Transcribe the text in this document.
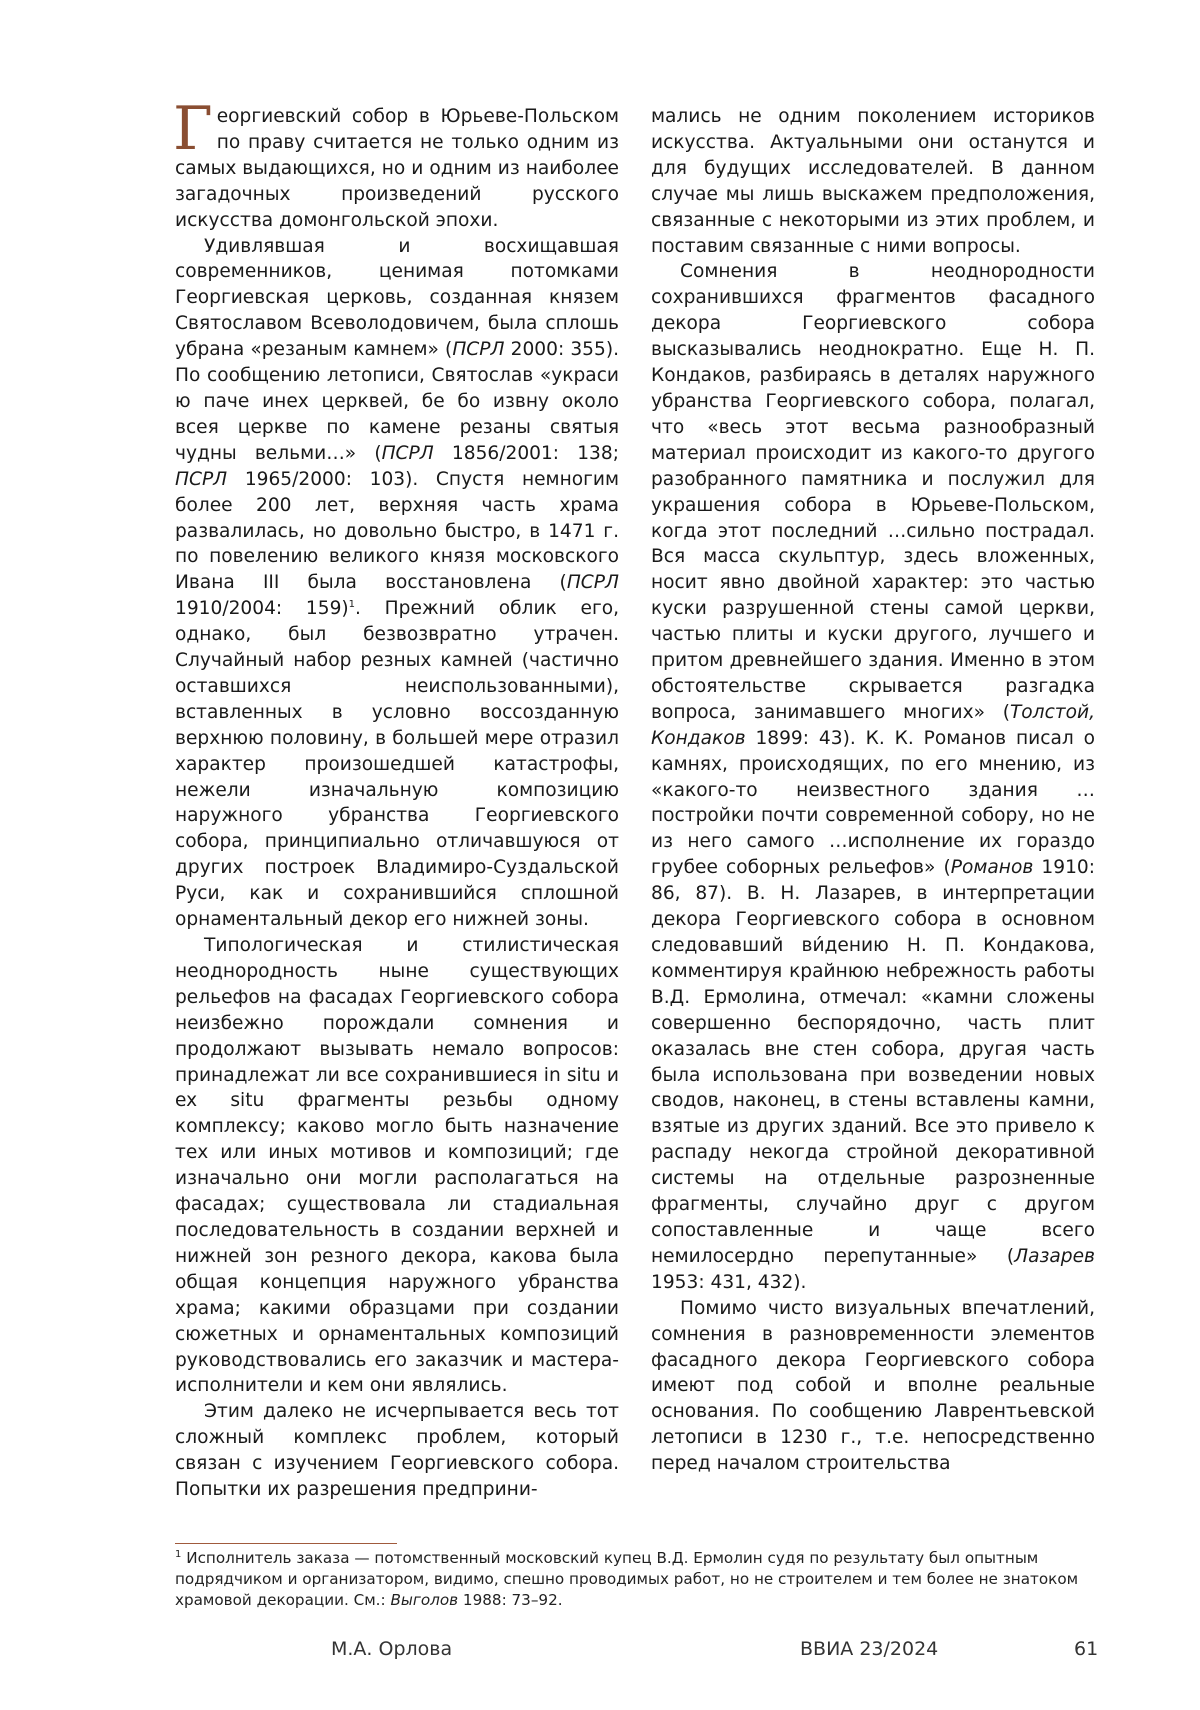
Георгиевский собор в Юрьеве-Польском по праву считается не только одним из самых выдающихся, но и одним из наиболее загадочных произведений русского искусства домонгольской эпохи.

Удивлявшая и восхищавшая современников, ценимая потомками Георгиевская церковь, созданная князем Святославом Всеволодовичем, была сплошь убрана «резаным камнем» (ПСРЛ 2000: 355). По сообщению летописи, Святослав «украси ю паче инех церквей, бе бо извну около всея церкве по камене резаны святыя чудны вельми…» (ПСРЛ 1856/2001: 138; ПСРЛ 1965/2000: 103). Спустя немногим более 200 лет, верхняя часть храма развалилась, но довольно быстро, в 1471 г. по повелению великого князя московского Ивана III была восстановлена (ПСРЛ 1910/2004: 159)$^1$. Прежний облик его, однако, был безвозвратно утрачен. Случайный набор резных камней (частично оставшихся неиспользованными), вставленных в условно воссозданную верхнюю половину, в большей мере отразил характер произошедшей катастрофы, нежели изначальную композицию наружного убранства Георгиевского собора, принципиально отличавшуюся от других построек Владимиро-Суздальской Руси, как и сохранившийся сплошной орнаментальный декор его нижней зоны.

Типологическая и стилистическая неоднородность ныне существующих рельефов на фасадах Георгиевского собора неизбежно порождали сомнения и продолжают вызывать немало вопросов: принадлежат ли все сохранившиеся in situ и ex situ фрагменты резьбы одному комплексу; каково могло быть назначение тех или иных мотивов и композиций; где изначально они могли располагаться на фасадах; существовала ли стадиальная последовательность в создании верхней и нижней зон резного декора, какова была общая концепция наружного убранства храма; какими образцами при создании сюжетных и орнаментальных композиций руководствовались его заказчик и мастера-исполнители и кем они являлись.

Этим далеко не исчерпывается весь тот сложный комплекс проблем, который связан с изучением Георгиевского собора. Попытки их разрешения предприни-

мались не одним поколением историков искусства. Актуальными они останутся и для будущих исследователей. В данном случае мы лишь выскажем предположения, связанные с некоторыми из этих проблем, и поставим связанные с ними вопросы.

Сомнения в неоднородности сохранившихся фрагментов фасадного декора Георгиевского собора высказывались неоднократно. Еще Н. П. Кондаков, разбираясь в деталях наружного убранства Георгиевского собора, полагал, что «весь этот весьма разнообразный материал происходит из какого-то другого разобранного памятника и послужил для украшения собора в Юрьеве-Польском, когда этот последний …сильно пострадал. Вся масса скульптур, здесь вложенных, носит явно двойной характер: это частью куски разрушенной стены самой церкви, частью плиты и куски другого, лучшего и притом древнейшего здания. Именно в этом обстоятельстве скрывается разгадка вопроса, занимавшего многих» (Толстой, Кондаков 1899: 43). К. К. Романов писал о камнях, происходящих, по его мнению, из «какого-то неизвестного здания …постройки почти современной собору, но не из него самого …исполнение их гораздо грубее соборных рельефов» (Романов 1910: 86, 87). В. Н. Лазарев, в интерпретации декора Георгиевского собора в основном следовавший ви́дению Н. П. Кондакова, комментируя крайнюю небрежность работы В.Д. Ермолина, отмечал: «камни сложены совершенно беспорядочно, часть плит оказалась вне стен собора, другая часть была использована при возведении новых сводов, наконец, в стены вставлены камни, взятые из других зданий. Все это привело к распаду некогда стройной декоративной системы на отдельные разрозненные фрагменты, случайно друг с другом сопоставленные и чаще всего немилосердно перепутанные» (Лазарев 1953: 431, 432).

Помимо чисто визуальных впечатлений, сомнения в разновременности элементов фасадного декора Георгиевского собора имеют под собой и вполне реальные основания. По сообщению Лаврентьевской летописи в 1230 г., т.е. непосредственно перед началом строительства

$^1$ Исполнитель заказа — потомственный московский купец В.Д. Ермолин судя по результату был опытным подрядчиком и организатором, видимо, спешно проводимых работ, но не строителем и тем более не знатоком храмовой декорации. См.: Выголов 1988: 73–92.
М.А. Орлова	ВВИА 23/2024	61
